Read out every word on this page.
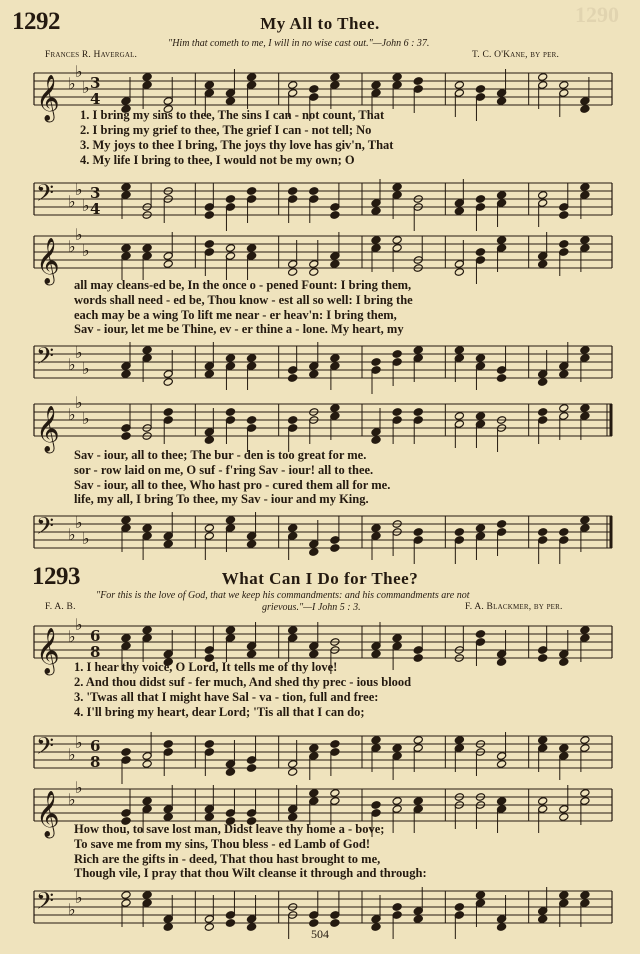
1290
1292	My All to Thee.
"Him that cometh to me, I will in no wise cast out."—John 6 : 37.
Frances R. Havergal.	T. C. O'Kane, by per.
𝄞 ♭
♭
♭ 3
4
𝄢 ♭
♭
♭
3
4
1. I bring my sins to thee, The sins I can - not count, That
2. I bring my grief to thee, The grief I can - not tell; No
3. My joys to thee I bring, The joys thy love has giv'n, That
4. My life I bring to thee, I would not be my own; O
𝄞 ♭
♭
♭
𝄢 ♭
♭
♭
all may cleans-ed be, In the once o - pened Fount: I bring them,
words shall need - ed be, Thou know - est all so well: I bring the
each may be a wing To lift me near - er heav'n: I bring them,
Sav - iour, let me be Thine, ev - er thine a - lone. My heart, my
𝄞 ♭
♭
♭
𝄢 ♭
♭
♭
Sav - iour, all to thee; The bur - den is too great for me.
sor - row laid on me, O suf - f'ring Sav - iour! all to thee.
Sav - iour, all to thee, Who hast pro - cured them all for me.
life, my all, I bring To thee, my Sav - iour and my King.
1293	What Can I Do for Thee?
"For this is the love of God, that we keep his commandments: and his commandments are not
grievous."—I John 5 : 3.
F. A. B.	F. A. Blackmer, by per.
𝄞 ♭
♭
6
8
𝄢 ♭
♭ 6
8
1. I hear thy voice, O Lord, It tells me of thy love!
2. And thou didst suf - fer much, And shed thy prec - ious blood
3. 'Twas all that I might have Sal - va - tion, full and free:
4. I'll bring my heart, dear Lord; 'Tis all that I can do;
𝄞 ♭
♭
𝄢 ♭
♭
How thou, to save lost man, Didst leave thy home a - bove;
To save me from my sins, Thou bless - ed Lamb of God!
Rich are the gifts in - deed, That thou hast brought to me,
Though vile, I pray that thou Wilt cleanse it through and through:
504
